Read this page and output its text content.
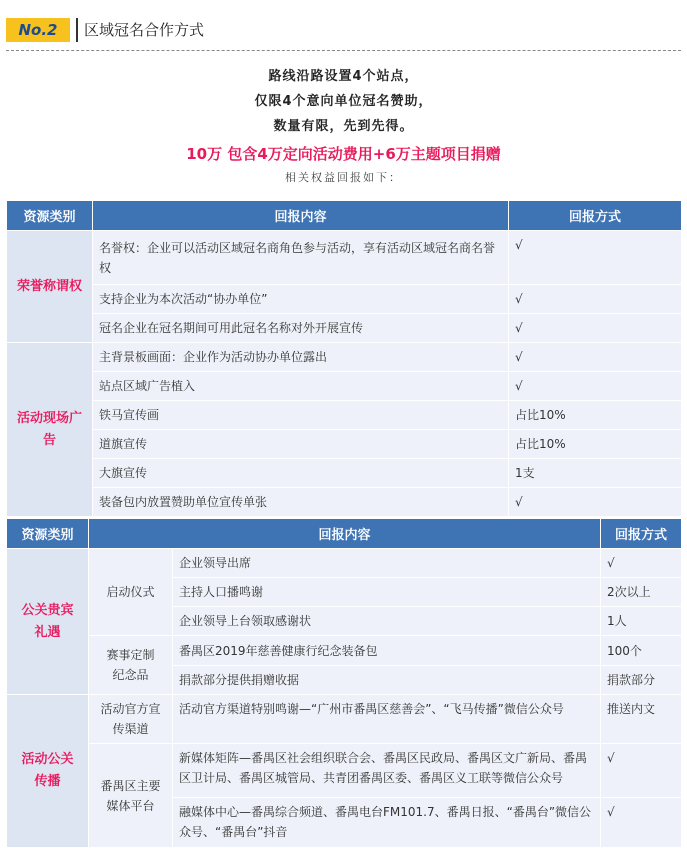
No.2	区域冠名合作方式
路线沿路设置4个站点，
仅限4个意向单位冠名赞助，
数量有限，先到先得。
10万 包含4万定向活动费用+6万主题项目捐赠
相关权益回报如下：
资源类别	回报内容	回报方式
荣誉称谓权	名誉权：企业可以活动区域冠名商角色参与活动，享有活动区域冠名商名誉权	√
	支持企业为本次活动“协办单位”	√
	冠名企业在冠名期间可用此冠名名称对外开展宣传	√
活动现场广告	主背景板画面：企业作为活动协办单位露出	√
	站点区域广告植入	√
	铁马宣传画	占比10%
	道旗宣传	占比10%
	大旗宣传	1支
	装备包内放置赞助单位宣传单张	√
资源类别	回报内容		回报方式
公关贵宾
礼遇	启动仪式	企业领导出席	√
		主持人口播鸣谢	2次以上
		企业领导上台领取感谢状	1人
	赛事定制
纪念品	番禺区2019年慈善健康行纪念装备包	100个
		捐款部分提供捐赠收据	捐款部分
活动公关
传播	活动官方宣传渠道	活动官方渠道特别鸣谢—“广州市番禺区慈善会”、“飞马传播”微信公众号	推送内文
	番禺区主要媒体平台	新媒体矩阵—番禺区社会组织联合会、番禺区民政局、番禺区文广新局、番禺区卫计局、番禺区城管局、共青团番禺区委、番禺区义工联等微信公众号	√
		融媒体中心—番禺综合频道、番禺电台FM101.7、番禺日报、“番禺台”微信公众号、“番禺台”抖音	√
